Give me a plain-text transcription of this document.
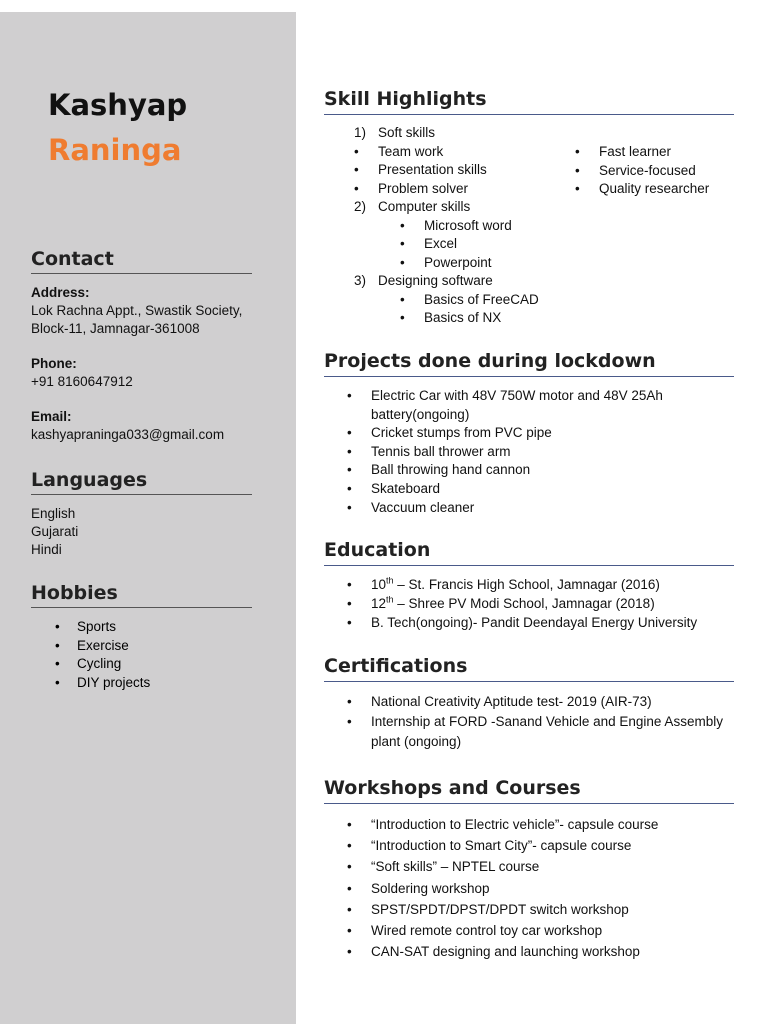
Kashyap
Raninga
Contact
Address:
Lok Rachna Appt., Swastik Society,
Block-11, Jamnagar-361008
Phone:
+91 8160647912
Email:
kashyapraninga033@gmail.com
Languages
English
Gujarati
Hindi
Hobbies
• Sports
• Exercise
• Cycling
• DIY projects
Skill Highlights
1) Soft skills
• Team work
• Presentation skills
• Problem solver
2) Computer skills
• Microsoft word
• Excel
• Powerpoint
3) Designing software
• Basics of FreeCAD
• Basics of NX
• Fast learner
• Service-focused
• Quality researcher
Projects done during lockdown
• Electric Car with 48V 750W motor and 48V 25Ah battery(ongoing)
• Cricket stumps from PVC pipe
• Tennis ball thrower arm
• Ball throwing hand cannon
• Skateboard
• Vaccuum cleaner
Education
• 10th – St. Francis High School, Jamnagar (2016)
• 12th – Shree PV Modi School, Jamnagar (2018)
• B. Tech(ongoing)- Pandit Deendayal Energy University
Certifications
• National Creativity Aptitude test- 2019 (AIR-73)
• Internship at FORD -Sanand Vehicle and Engine Assembly plant (ongoing)
Workshops and Courses
• “Introduction to Electric vehicle”- capsule course
• “Introduction to Smart City”- capsule course
• “Soft skills” – NPTEL course
• Soldering workshop
• SPST/SPDT/DPST/DPDT switch workshop
• Wired remote control toy car workshop
• CAN-SAT designing and launching workshop
